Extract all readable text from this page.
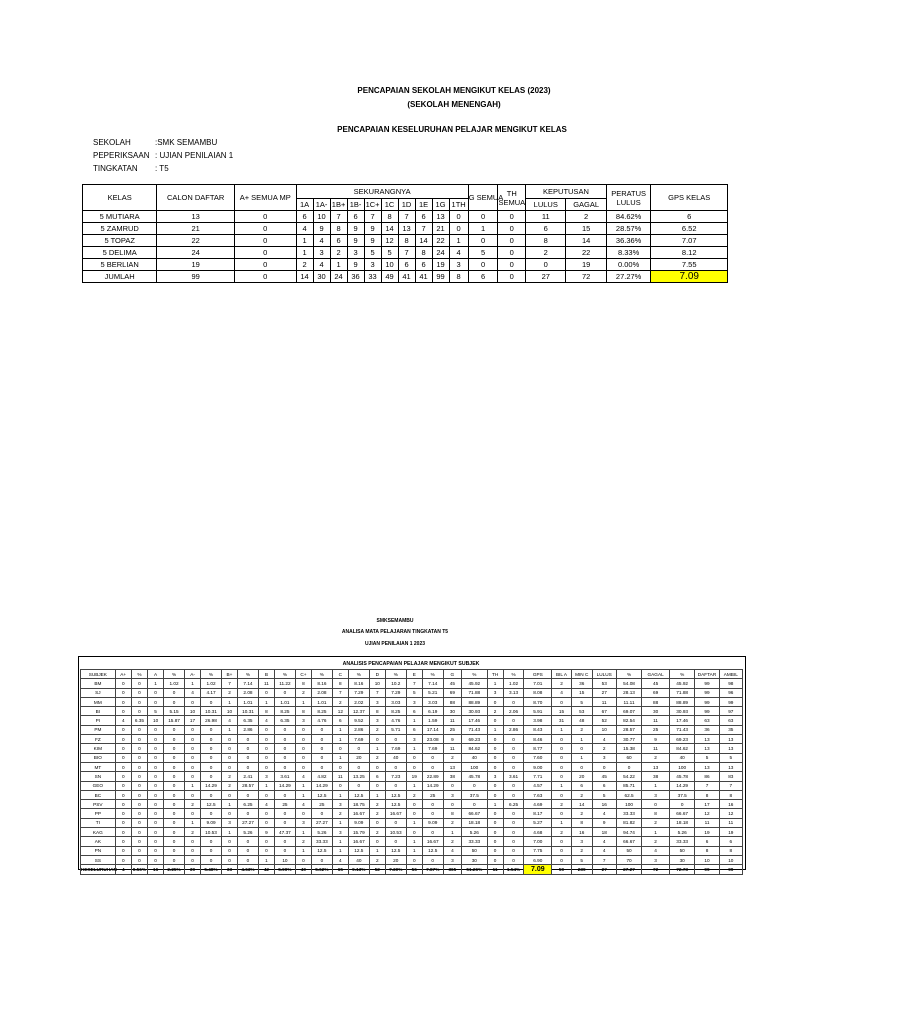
PENCAPAIAN SEKOLAH MENGIKUT KELAS (2023)
(SEKOLAH MENENGAH)
PENCAPAIAN KESELURUHAN PELAJAR MENGIKUT KELAS
SEKOLAH	:SMK SEMAMBU
PEPERIKSAAN : UJIAN PENILAIAN 1
TINGKATAN : T5
KELAS	CALON DAFTAR	A+ SEMUA MP	SEKURANGNYA										G SEMUA	TH SEMUA	KEPUTUSAN		PERATUS LULUS	GPS KELAS
			1A	1A-	1B+	1B-	1C+	1C	1D	1E	1G	1TH			LULUS	GAGAL		
5 MUTIARA	13	0	6	10	7	6	7	8	7	6	13	0	0	0	11	2	84.62%	6
5 ZAMRUD	21	0	4	9	8	9	9	14	13	7	21	0	1	0	6	15	28.57%	6.52
5 TOPAZ	22	0	1	4	6	9	9	12	8	14	22	1	0	0	8	14	36.36%	7.07
5 DELIMA	24	0	1	3	2	3	5	5	7	8	24	4	5	0	2	22	8.33%	8.12
5 BERLIAN	19	0	2	4	1	9	3	10	6	6	19	3	0	0	0	19	0.00%	7.55
JUMLAH	99	0	14	30	24	36	33	49	41	41	99	8	6	0	27	72	27.27%	7.09
SMKSEMAMBU
ANALISA MATA PELAJARAN TINGKATAN T5
UJIAN PENILAIAN 1 2023
ANALISIS PENCAPAIAN PELAJAR MENGIKUT SUBJEK
SUBJEK	A+	%	A	%	A-	%	B+	%	B	%	C+	%	C	%	D	%	E	%	G	%	TH	%	GPS	BIL A	MIN C	LULUS	%	GAGAL	%	DAFTAR	AMBIL
BM	0	0	1	1.02	1	1.02	7	7.14	11	11.22	8	8.16	8	8.16	10	10.2	7	7.14	45	45.92	1	1.02	7.01	2	36	53	54.08	45	45.92	99	98
SJ	0	0	0	0	4	4.17	2	2.08	0	0	2	2.08	7	7.29	7	7.29	5	5.21	69	71.88	3	3.13	8.08	4	15	27	28.13	69	71.88	99	96
MM	0	0	0	0	0	0	1	1.01	1	1.01	1	1.01	2	2.02	3	3.03	3	3.03	88	88.89	0	0	8.70	0	5	11	11.11	88	88.89	99	99
BI	0	0	5	5.15	10	10.31	10	10.31	8	8.25	8	8.25	12	12.37	8	8.25	6	6.19	30	30.93	2	2.06	5.91	15	53	67	69.07	30	30.93	99	97
PI	4	6.35	10	15.87	17	26.98	4	6.35	4	6.35	3	4.76	6	9.52	3	4.76	1	1.59	11	17.46	0	0	3.98	31	48	52	82.54	11	17.46	63	63
PM	0	0	0	0	0	0	1	2.86	0	0	0	0	1	2.86	2	5.71	6	17.14	25	71.43	1	2.86	8.43	1	2	10	28.57	25	71.43	36	35
FZ	0	0	0	0	0	0	0	0	0	0	0	0	1	7.69	0	0	3	23.08	9	69.23	0	0	8.46	0	1	4	30.77	9	69.23	13	13
KIM	0	0	0	0	0	0	0	0	0	0	0	0	0	0	1	7.69	1	7.69	11	84.62	0	0	8.77	0	0	2	15.38	11	84.62	13	13
BIO	0	0	0	0	0	0	0	0	0	0	0	0	1	20	2	40	0	0	2	40	0	0	7.60	0	1	3	60	2	40	5	5
MT	0	0	0	0	0	0	0	0	0	0	0	0	0	0	0	0	0	0	13	100	0	0	9.00	0	0	0	0	13	100	13	13
SN	0	0	0	0	0	0	2	2.41	3	3.61	4	4.82	11	13.25	6	7.23	19	22.89	38	45.78	3	3.61	7.71	0	20	45	54.22	38	45.78	86	83
GEO	0	0	0	0	1	14.29	2	28.57	1	14.29	1	14.29	0	0	0	0	1	14.29	0	0	0	0	4.57	1	6	6	85.71	1	14.29	7	7
BC	0	0	0	0	0	0	0	0	0	0	1	12.5	1	12.5	1	12.5	2	25	3	37.5	0	0	7.63	0	2	5	62.5	3	37.5	8	8
PSV	0	0	0	0	2	12.5	1	6.25	4	25	4	25	3	18.75	2	12.5	0	0	0	0	1	6.25	4.69	2	14	16	100	0	0	17	16
PP	0	0	0	0	0	0	0	0	0	0	0	0	2	16.67	2	16.67	0	0	8	66.67	0	0	8.17	0	2	4	33.33	8	66.67	12	12
TI	0	0	0	0	1	9.09	3	27.27	0	0	3	27.27	1	9.09	0	0	1	9.09	2	18.18	0	0	5.27	1	8	9	81.82	2	18.18	11	11
KAG	0	0	0	0	2	10.53	1	5.26	9	47.37	1	5.26	3	15.79	2	10.53	0	0	1	5.26	0	0	4.68	2	16	18	94.74	1	5.26	19	19
AK	0	0	0	0	0	0	0	0	0	0	2	33.33	1	16.67	0	0	1	16.67	2	33.33	0	0	7.00	0	3	4	66.67	2	33.33	6	6
PN	0	0	0	0	0	0	0	0	0	0	1	12.5	1	12.5	1	12.5	1	12.5	4	50	0	0	7.75	0	2	4	50	4	50	8	8
SS	0	0	0	0	0	0	0	0	1	10	0	0	4	40	2	20	0	0	3	30	0	0	6.90	0	5	7	70	3	30	10	10
KESELURUHAN	4	0.56%	16	2.25%	39	5.48%	33	4.63%	42	5.90%	40	5.62%	65	9.13%	52	7.30%	56	7.87%	365	51.26%	11	1.54%	7.09	59	239	27	27.27	72	72.73	99	99
